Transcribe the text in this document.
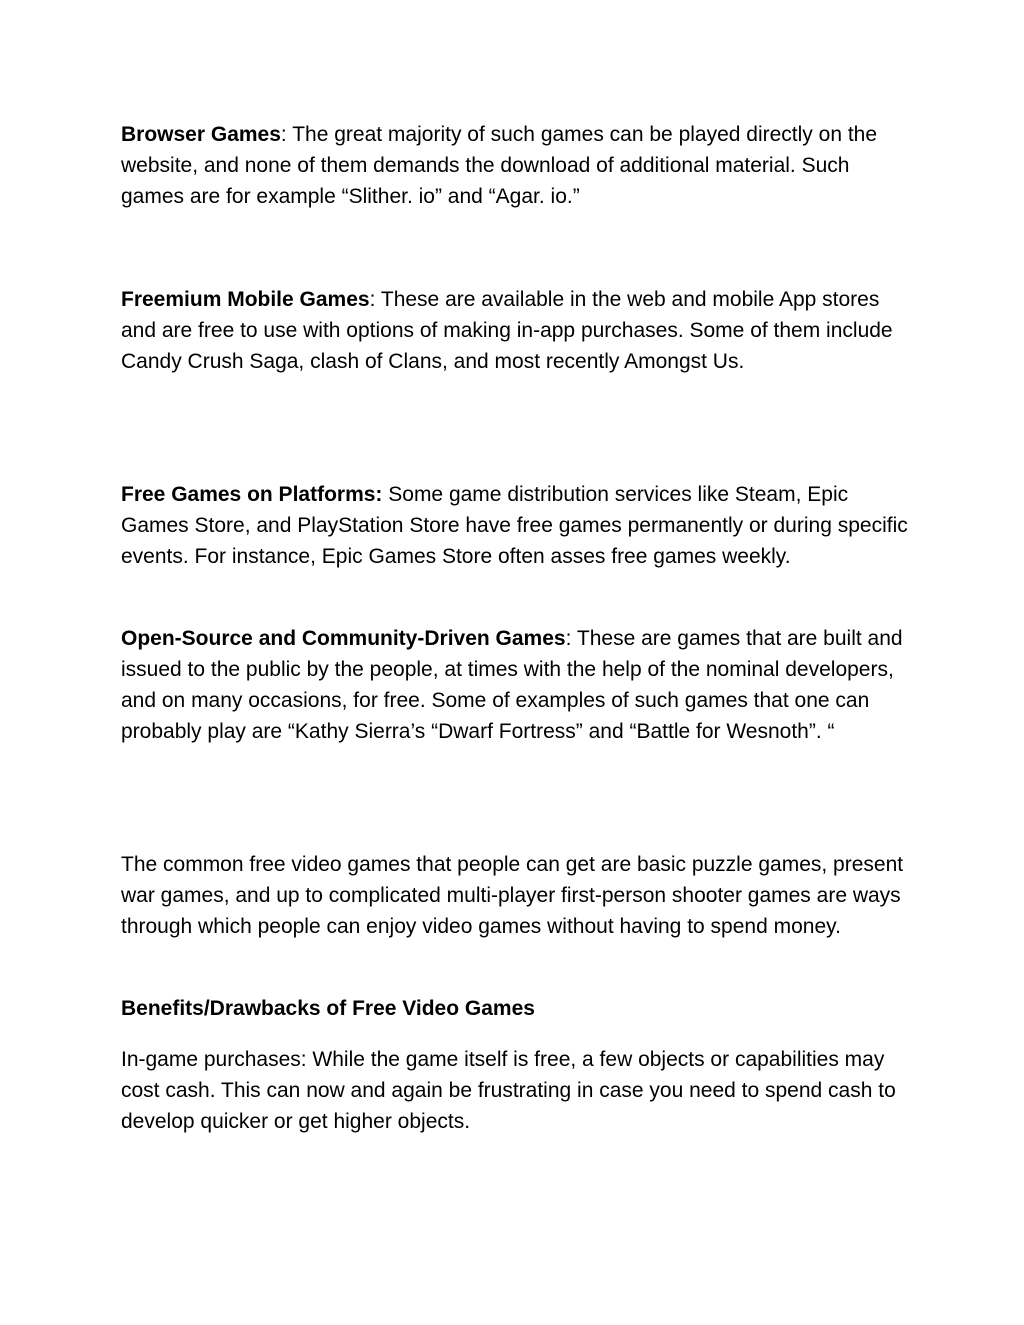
Browser Games: The great majority of such games can be played directly on the website, and none of them demands the download of additional material. Such games are for example “Slither. io” and “Agar. io.”

Freemium Mobile Games: These are available in the web and mobile App stores and are free to use with options of making in-app purchases. Some of them include Candy Crush Saga, clash of Clans, and most recently Amongst Us.

Free Games on Platforms: Some game distribution services like Steam, Epic Games Store, and PlayStation Store have free games permanently or during specific events. For instance, Epic Games Store often asses free games weekly.

Open-Source and Community-Driven Games: These are games that are built and issued to the public by the people, at times with the help of the nominal developers, and on many occasions, for free. Some of examples of such games that one can probably play are “Kathy Sierra’s “Dwarf Fortress” and “Battle for Wesnoth”. “

The common free video games that people can get are basic puzzle games, present war games, and up to complicated multi-player first-person shooter games are ways through which people can enjoy video games without having to spend money.

Benefits/Drawbacks of Free Video Games

In-game purchases: While the game itself is free, a few objects or capabilities may cost cash. This can now and again be frustrating in case you need to spend cash to develop quicker or get higher objects.
